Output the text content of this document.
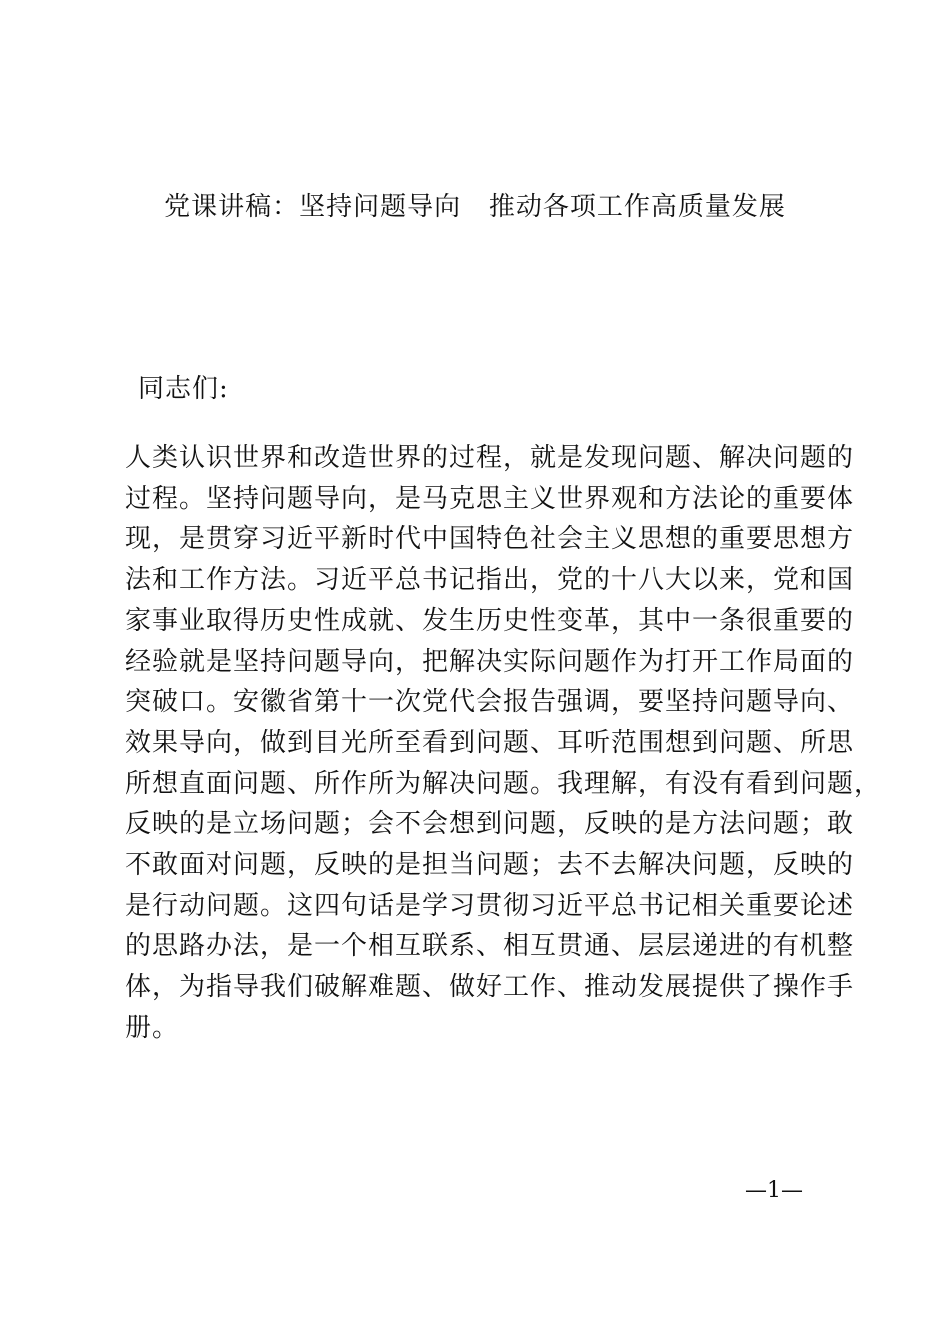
党课讲稿：坚持问题导向   推动各项工作高质量发展
同志们:
人类认识世界和改造世界的过程，就是发现问题、解决问题的
过程。坚持问题导向，是马克思主义世界观和方法论的重要体
现，是贯穿习近平新时代中国特色社会主义思想的重要思想方
法和工作方法。习近平总书记指出，党的十八大以来，党和国
家事业取得历史性成就、发生历史性变革，其中一条很重要的
经验就是坚持问题导向，把解决实际问题作为打开工作局面的
突破口。安徽省第十一次党代会报告强调，要坚持问题导向、
效果导向，做到目光所至看到问题、耳听范围想到问题、所思
所想直面问题、所作所为解决问题。我理解，有没有看到问题，
反映的是立场问题；会不会想到问题，反映的是方法问题；敢
不敢面对问题，反映的是担当问题；去不去解决问题，反映的
是行动问题。这四句话是学习贯彻习近平总书记相关重要论述
的思路办法，是一个相互联系、相互贯通、层层递进的有机整
体，为指导我们破解难题、做好工作、推动发展提供了操作手
册。
—1—
